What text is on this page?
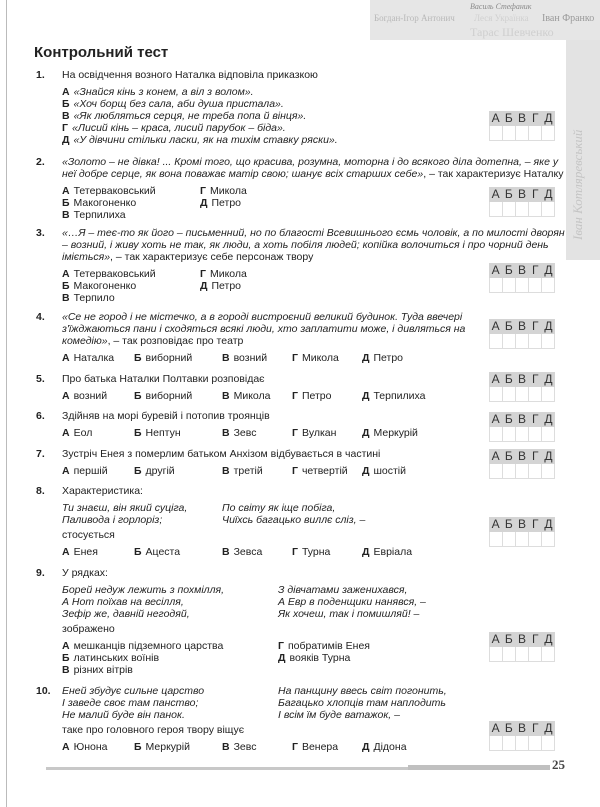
Василь Стефаник
Богдан-Ігор Антонич Леся Українка Іван Франко
Тарас Шевченко
Іван Котляревський
Контрольний тест
1. На освідчення возного Наталка відповіла приказкою
А «Знайся кінь з конем, а віл з волом».
Б «Хоч борщ без сала, аби душа пристала».
В «Як любляться серця, не треба попа й вінця».
Г «Лисий кінь – краса, лисий парубок – біда».
Д «У дівчини стільки ласки, як на тихім ставку ряски».
А Б В Г Д
2. «Золото – не дівка! ... Кромі того, що красива, розумна, моторна і до всякого діла дотепна, – яке у неї добре серце, як вона поважає матір свою; шанує всіх старших себе», – так характеризує Наталку
А Тетерваковський	Г Микола
Б Макогоненко	Д Петро
В Терпилиха
А Б В Г Д
3. «…Я – теє-то як його – письменний, но по благості Всевишнього єсмь чоловік, а по милості дворян – возний, і живу хоть не так, як люди, а хоть побіля людей; копійка волочиться і про чорний день іміється», – так характеризує себе персонаж твору
А Тетерваковський	Г Микола
Б Макогоненко	Д Петро
В Терпило
А Б В Г Д
4. «Се не город і не містечко, а в городі вистроєний великий будинок. Туда ввечері з'їжджаються пани і сходяться всякі люди, хто заплатити може, і дивляться на комедію», – так розповідає про театр
А Наталка Б виборний	В возний Г Микола Д Петро
А Б В Г Д
5. Про батька Наталки Полтавки розповідає
А возний	Б виборний	В Микола Г Петро	Д Терпилиха
А Б В Г Д
6. Здійняв на морі буревій і потопив троянців
А Еол	Б Нептун	В Зевс	Г Вулкан Д Меркурій
А Б В Г Д
7. Зустріч Енея з померлим батьком Анхізом відбувається в частині
А першій	Б другій	В третій	Г четвертій Д шостій
А Б В Г Д
8. Характеристика:
Ти знаєш, він який суціга,
Паливода і горлоріз;
По світу як іще побіга,
Чиїхсь багацько виллє сліз, –
стосується
А Енея	Б Ацеста	В Зевса	Г Турна	Д Евріала
А Б В Г Д
9. У рядках:
Борей недуж лежить з похмілля,
А Нот поїхав на весілля,
Зефір же, давній негодяй,
З дівчатами заженихався,
А Евр в поденщики нанявся, –
Як хочеш, так і помишляй! –
зображено
А мешканців підземного царства	Г побратимів Енея
Б латинських воїнів	Д вояків Турна
В різних вітрів
А Б В Г Д
10. Еней збудує сильне царство
І заведе своє там панство;
Не малий буде він панок.
На панщину ввесь світ погонить,
Багацько хлопців там наплодить
І всім їм буде ватажок, –
таке про головного героя твору віщує
А Юнона	Б Меркурій	В Зевс	Г Венера Д Дідона
А Б В Г Д
25
